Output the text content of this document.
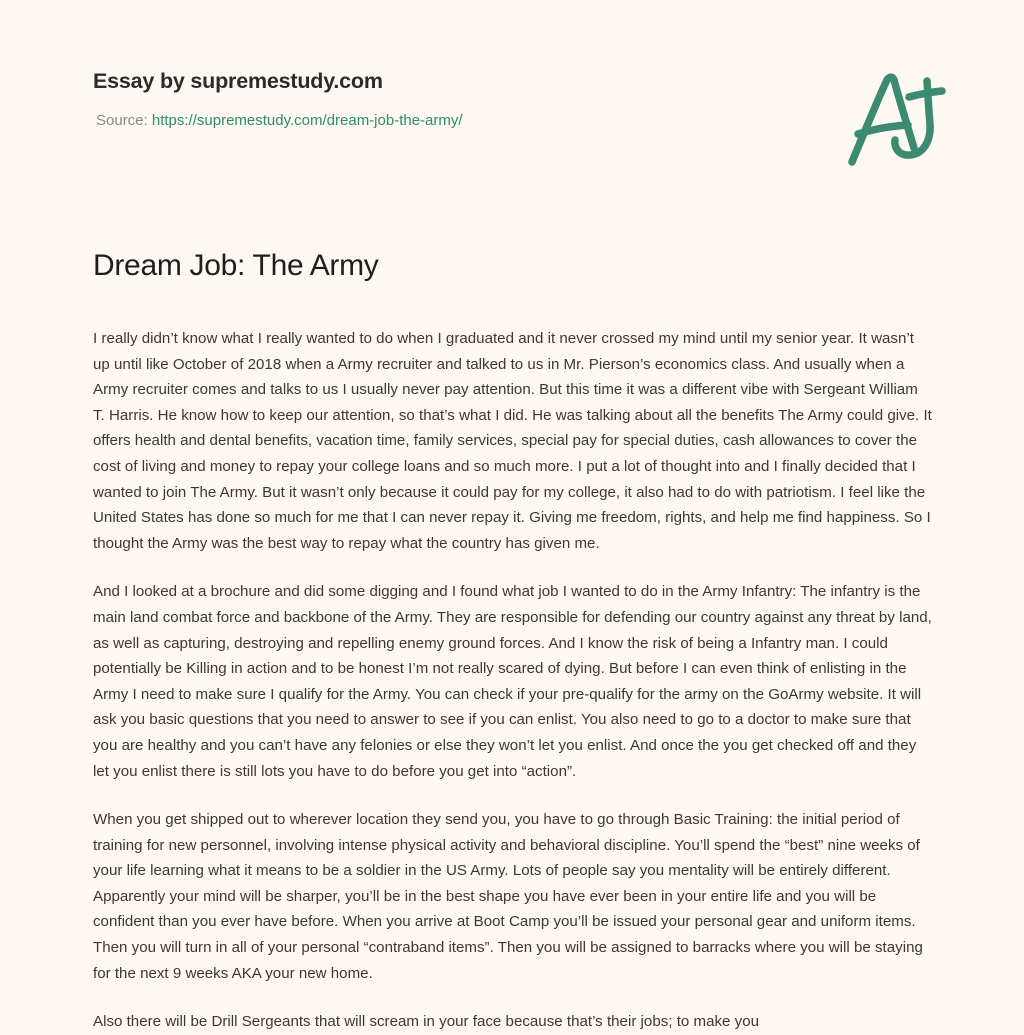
Essay by supremestudy.com
Source: https://supremestudy.com/dream-job-the-army/
Dream Job: The Army

I really didn’t know what I really wanted to do when I graduated and it never crossed my mind until my senior year. It wasn’t up until like October of 2018 when a Army recruiter and talked to us in Mr. Pierson’s economics class. And usually when a Army recruiter comes and talks to us I usually never pay attention. But this time it was a different vibe with Sergeant William T. Harris. He know how to keep our attention, so that’s what I did. He was talking about all the benefits The Army could give. It offers health and dental benefits, vacation time, family services, special pay for special duties, cash allowances to cover the cost of living and money to repay your college loans and so much more. I put a lot of thought into and I finally decided that I wanted to join The Army. But it wasn’t only because it could pay for my college, it also had to do with patriotism. I feel like the United States has done so much for me that I can never repay it. Giving me freedom, rights, and help me find happiness. So I thought the Army was the best way to repay what the country has given me.

And I looked at a brochure and did some digging and I found what job I wanted to do in the Army Infantry: The infantry is the main land combat force and backbone of the Army. They are responsible for defending our country against any threat by land, as well as capturing, destroying and repelling enemy ground forces. And I know the risk of being a Infantry man. I could potentially be Killing in action and to be honest I’m not really scared of dying. But before I can even think of enlisting in the Army I need to make sure I qualify for the Army. You can check if your pre-qualify for the army on the GoArmy website. It will ask you basic questions that you need to answer to see if you can enlist. You also need to go to a doctor to make sure that you are healthy and you can’t have any felonies or else they won’t let you enlist. And once the you get checked off and they let you enlist there is still lots you have to do before you get into “action”.

When you get shipped out to wherever location they send you, you have to go through Basic Training: the initial period of training for new personnel, involving intense physical activity and behavioral discipline. You’ll spend the “best” nine weeks of your life learning what it means to be a soldier in the US Army. Lots of people say you mentality will be entirely different. Apparently your mind will be sharper, you’ll be in the best shape you have ever been in your entire life and you will be confident than you ever have before. When you arrive at Boot Camp you’ll be issued your personal gear and uniform items. Then you will turn in all of your personal “contraband items”. Then you will be assigned to barracks where you will be staying for the next 9 weeks AKA your new home.

Also there will be Drill Sergeants that will scream in your face because that’s their jobs; to make you
